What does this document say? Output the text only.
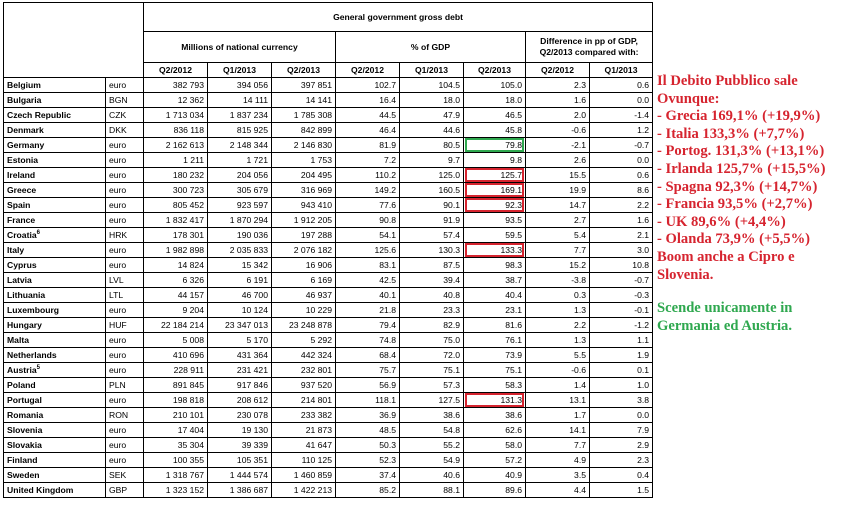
		General government gross debt							
		Millions of national currency			% of GDP			Difference in pp of GDP, Q2/2013 compared with:	
		Q2/2012	Q1/2013	Q2/2013	Q2/2012	Q1/2013	Q2/2013	Q2/2012	Q1/2013
Belgium	euro	382 793	394 056	397 851	102.7	104.5	105.0	2.3	0.6
Bulgaria	BGN	12 362	14 111	14 141	16.4	18.0	18.0	1.6	0.0
Czech Republic	CZK	1 713 034	1 837 234	1 785 308	44.5	47.9	46.5	2.0	-1.4
Denmark	DKK	836 118	815 925	842 899	46.4	44.6	45.8	-0.6	1.2
Germany	euro	2 162 613	2 148 344	2 146 830	81.9	80.5	79.8	-2.1	-0.7
Estonia	euro	1 211	1 721	1 753	7.2	9.7	9.8	2.6	0.0
Ireland	euro	180 232	204 056	204 495	110.2	125.0	125.7	15.5	0.6
Greece	euro	300 723	305 679	316 969	149.2	160.5	169.1	19.9	8.6
Spain	euro	805 452	923 597	943 410	77.6	90.1	92.3	14.7	2.2
France	euro	1 832 417	1 870 294	1 912 205	90.8	91.9	93.5	2.7	1.6
Croatia$^6$	HRK	178 301	190 036	197 288	54.1	57.4	59.5	5.4	2.1
Italy	euro	1 982 898	2 035 833	2 076 182	125.6	130.3	133.3	7.7	3.0
Cyprus	euro	14 824	15 342	16 906	83.1	87.5	98.3	15.2	10.8
Latvia	LVL	6 326	6 191	6 169	42.5	39.4	38.7	-3.8	-0.7
Lithuania	LTL	44 157	46 700	46 937	40.1	40.8	40.4	0.3	-0.3
Luxembourg	euro	9 204	10 124	10 229	21.8	23.3	23.1	1.3	-0.1
Hungary	HUF	22 184 214	23 347 013	23 248 878	79.4	82.9	81.6	2.2	-1.2
Malta	euro	5 008	5 170	5 292	74.8	75.0	76.1	1.3	1.1
Netherlands	euro	410 696	431 364	442 324	68.4	72.0	73.9	5.5	1.9
Austria$^5$	euro	228 911	231 421	232 801	75.7	75.1	75.1	-0.6	0.1
Poland	PLN	891 845	917 846	937 520	56.9	57.3	58.3	1.4	1.0
Portugal	euro	198 818	208 612	214 801	118.1	127.5	131.3	13.1	3.8
Romania	RON	210 101	230 078	233 382	36.9	38.6	38.6	1.7	0.0
Slovenia	euro	17 404	19 130	21 873	48.5	54.8	62.6	14.1	7.9
Slovakia	euro	35 304	39 339	41 647	50.3	55.2	58.0	7.7	2.9
Finland	euro	100 355	105 351	110 125	52.3	54.9	57.2	4.9	2.3
Sweden	SEK	1 318 767	1 444 574	1 460 859	37.4	40.6	40.9	3.5	0.4
United Kingdom	GBP	1 323 152	1 386 687	1 422 213	85.2	88.1	89.6	4.4	1.5
Il Debito Pubblico sale
Ovunque:
- Grecia 169,1% (+19,9%)
- Italia 133,3% (+7,7%)
- Portog. 131,3% (+13,1%)
- Irlanda 125,7% (+15,5%)
- Spagna 92,3% (+14,7%)
- Francia 93,5% (+2,7%)
- UK 89,6% (+4,4%)
- Olanda 73,9% (+5,5%)
Boom anche a Cipro e
Slovenia.
Scende unicamente in
Germania ed Austria.
